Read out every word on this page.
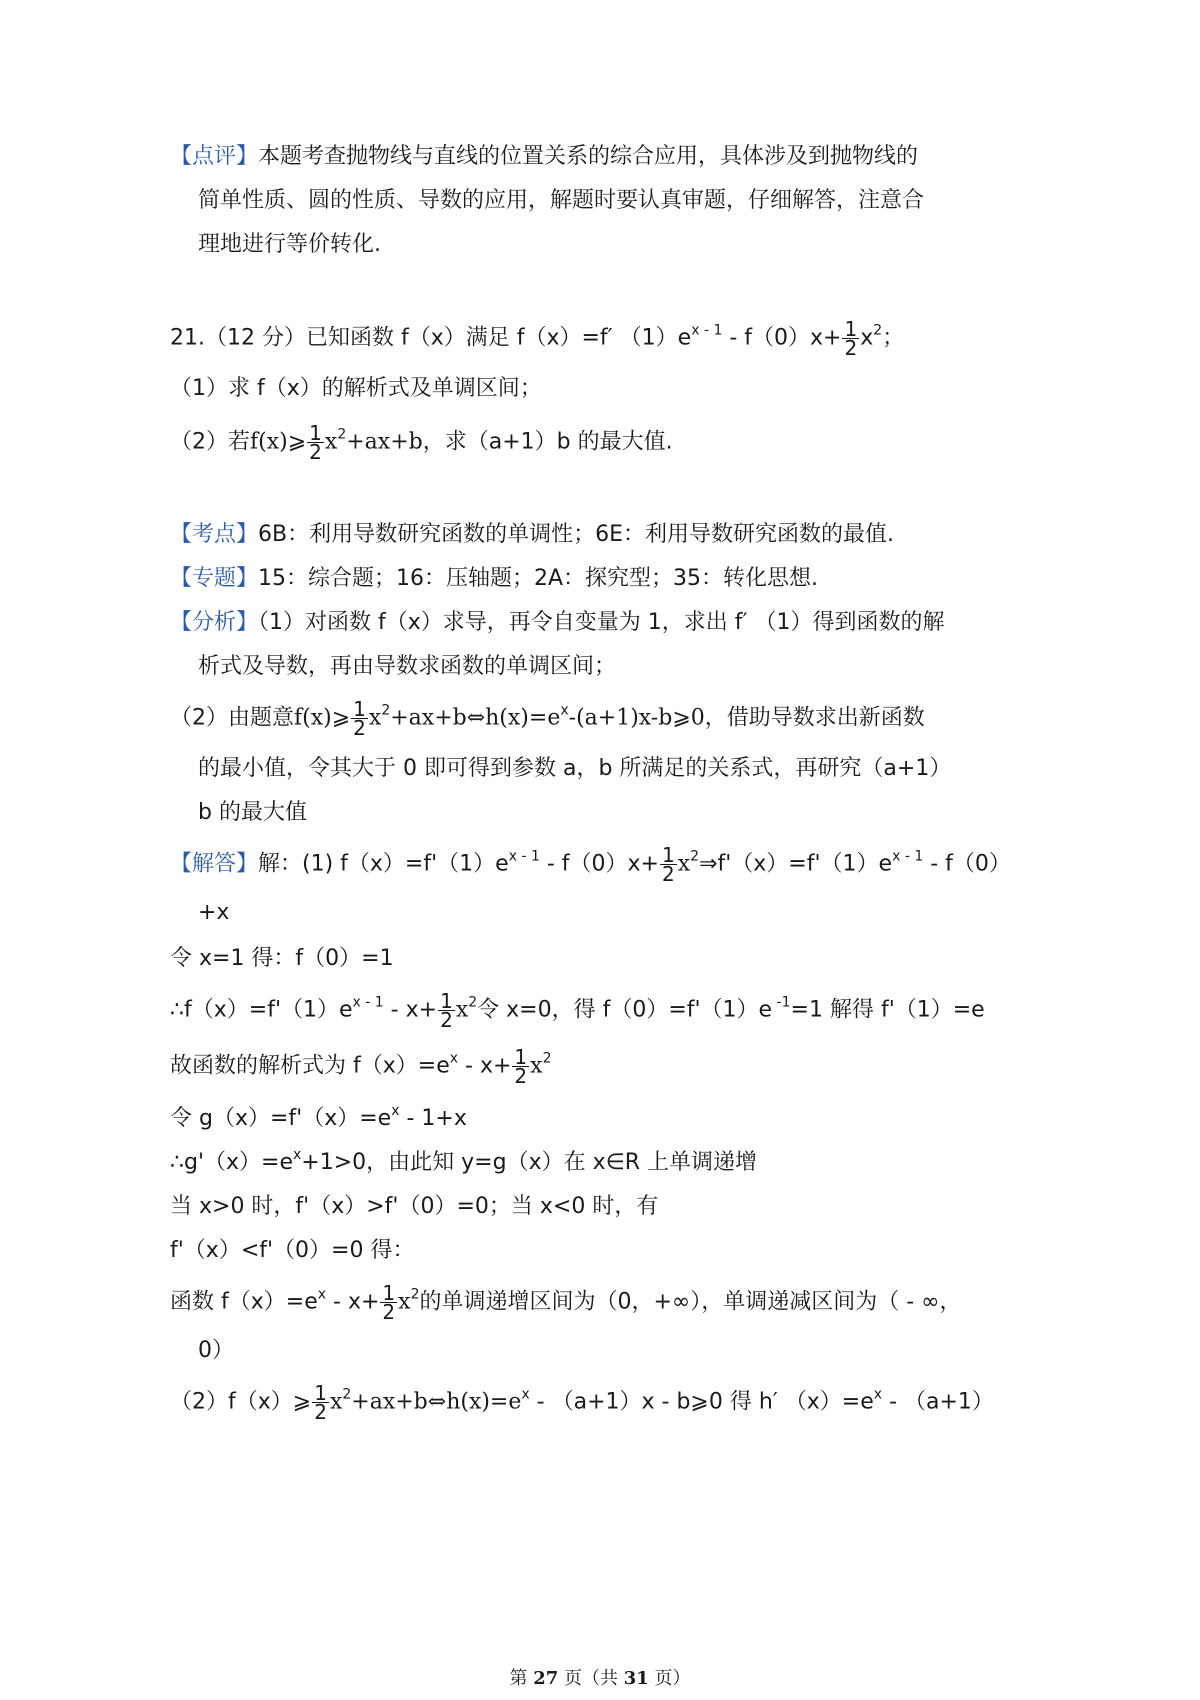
【点评】本题考查抛物线与直线的位置关系的综合应用，具体涉及到抛物线的
简单性质、圆的性质、导数的应用，解题时要认真审题，仔细解答，注意合
理地进行等价转化.
21.（12 分）已知函数 f（x）满足 f（x）=f′ $(1)e^{x - 1} - f(0)x+ \frac{1}{2} x^2$；
（1）求 f（x）的解析式及单调区间；
（2）若f(x)⩾ $\frac{1}{2} x^2+ax+b$，求（a+1）b 的最大值.
【考点】6B：利用导数研究函数的单调性；6E：利用导数研究函数的最值.
【专题】15：综合题；16：压轴题；2A：探究型；35：转化思想.
【分析】（1）对函数 f（x）求导，再令自变量为 1，求出 f′ （1）得到函数的解
析式及导数，再由导数求函数的单调区间；
（2）由题意f(x)⩾ $\frac{1}{2}$ $x^2+ax+b\Leftrightarrow h(x)=e^x-(a+1)x-b⩾0$，借助导数求出新函数
的最小值，令其大于 0 即可得到参数 a，b 所满足的关系式，再研究（a+1）
b 的最大值
【解答】解：(1) $f(x)=f'(1)e^{x - 1} - f(0)x+ \frac{1}{2}$ $x^2\Rightarrow f'(x)=f'(1)e^{x - 1} - f(0)$
+x
令 x=1 得：f（0）=1
$\therefore f(x)=f'(1)e^{x - 1} - x+ \frac{1}{2} x^2$令 x=0，得 f（0）=f'（1）e $^{-1}$=1 解得 f'（1）=e
故函数的解析式为 $f(x)=e^x - x+ \frac{1}{2} x^2$
令 $g(x)=f'(x)=e^x - 1+x$
$\therefore g'(x)=e^x+1>0$，由此知 y=g（x）在 x∈R 上单调递增
当 x>0 时，f'（x）>f'（0）=0；当 x<0 时，有
f'（x）<f'（0）=0 得：
函数 $f(x)=e^x - x+ \frac{1}{2} x^2$的单调递增区间为（0，+∞），单调递减区间为（ - ∞，
0）
（2）f（x）⩾ $\frac{1}{2}$ $x^2+ax+b\Leftrightarrow h(x)=e^x - (a+1)x$ - b⩾0 得 h′ $(x)=e^x - (a+1)$
第 27 页（共 31 页）
